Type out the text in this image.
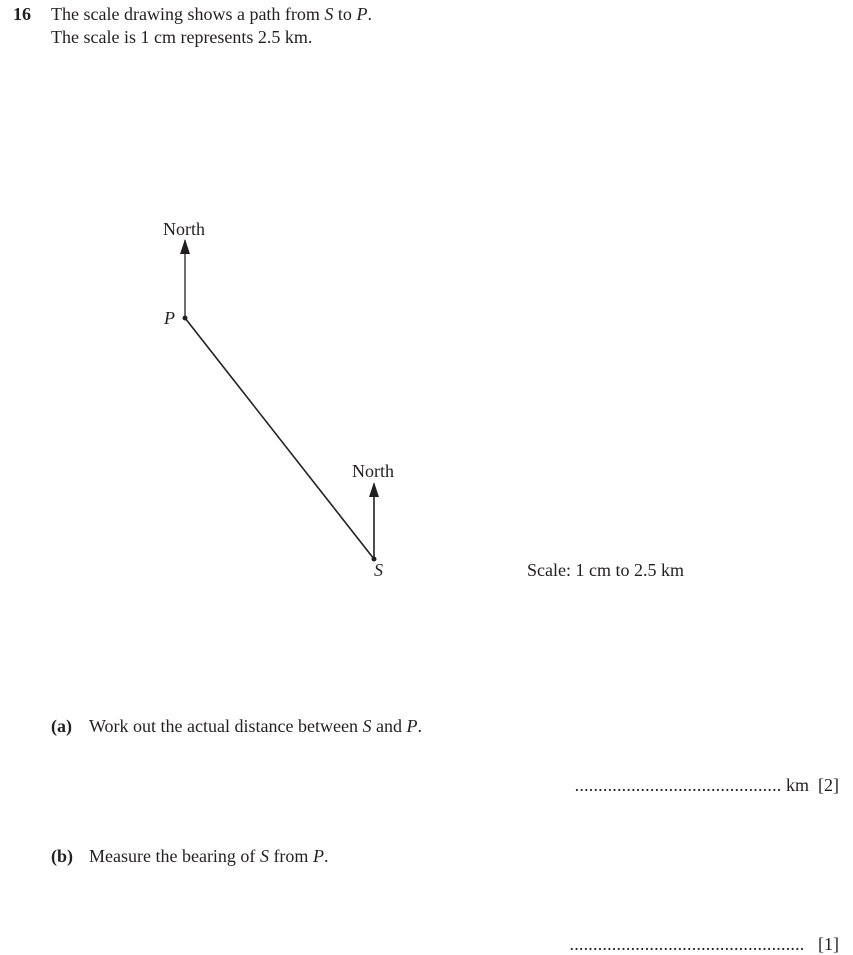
16 The scale drawing shows a path from S to P.
The scale is 1 cm represents 2.5 km.
North
P
North
S	Scale: 1 cm to 2.5 km
(a) Work out the actual distance between S and P.
............................................ km [2]
(b) Measure the bearing of S from P.
.................................................. [1]
